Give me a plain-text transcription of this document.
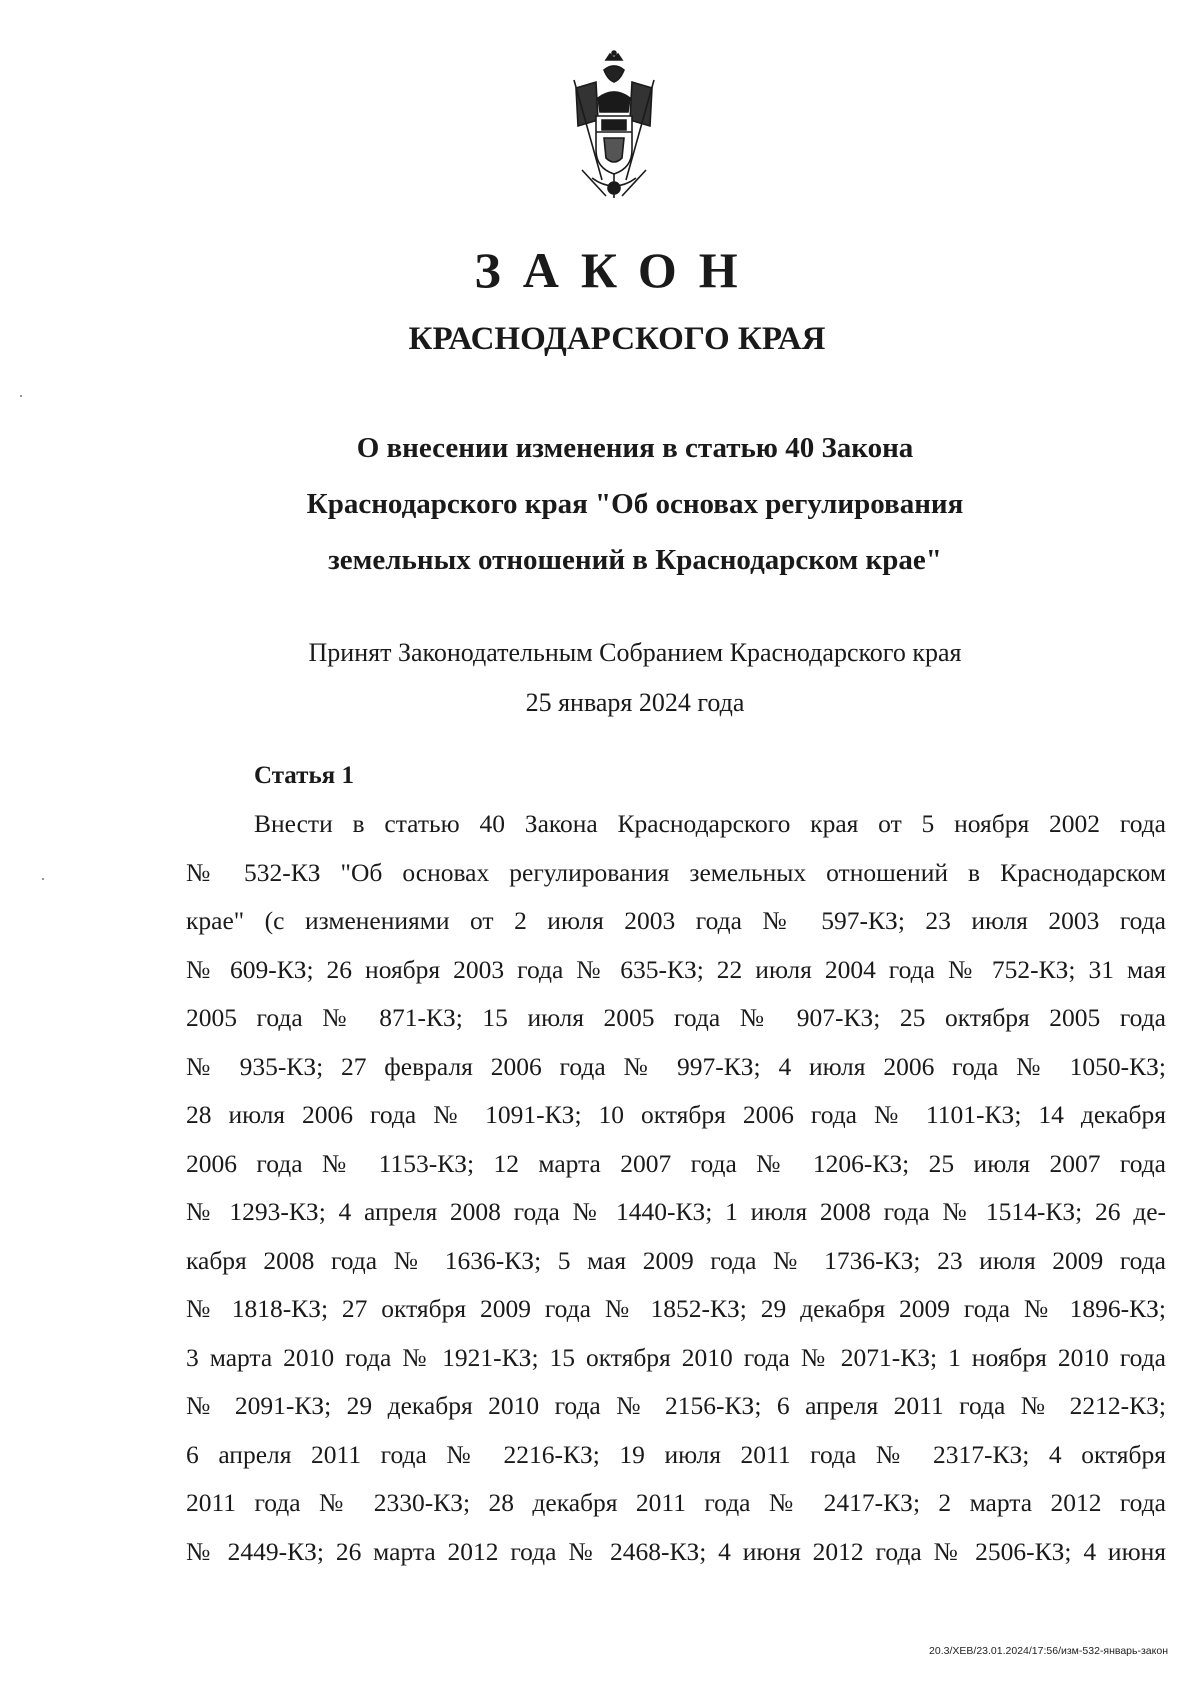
ЗАКОН
КРАСНОДАРСКОГО КРАЯ
О внесении изменения в статью 40 Закона
Краснодарского края "Об основах регулирования
земельных отношений в Краснодарском крае"
Принят Законодательным Собранием Краснодарского края
25 января 2024 года
Статья 1
Внести в статью 40 Закона Краснодарского края от 5 ноября 2002 года
№ 532-КЗ "Об основах регулирования земельных отношений в Краснодарском
крае" (с изменениями от 2 июля 2003 года № 597-КЗ; 23 июля 2003 года
№ 609-КЗ; 26 ноября 2003 года № 635-КЗ; 22 июля 2004 года № 752-КЗ; 31 мая
2005 года № 871-КЗ; 15 июля 2005 года № 907-КЗ; 25 октября 2005 года
№ 935-КЗ; 27 февраля 2006 года № 997-КЗ; 4 июля 2006 года № 1050-КЗ;
28 июля 2006 года № 1091-КЗ; 10 октября 2006 года № 1101-КЗ; 14 декабря
2006 года № 1153-КЗ; 12 марта 2007 года № 1206-КЗ; 25 июля 2007 года
№ 1293-КЗ; 4 апреля 2008 года № 1440-КЗ; 1 июля 2008 года № 1514-КЗ; 26 де-
кабря 2008 года № 1636-КЗ; 5 мая 2009 года № 1736-КЗ; 23 июля 2009 года
№ 1818-КЗ; 27 октября 2009 года № 1852-КЗ; 29 декабря 2009 года № 1896-КЗ;
3 марта 2010 года № 1921-КЗ; 15 октября 2010 года № 2071-КЗ; 1 ноября 2010 года
№ 2091-КЗ; 29 декабря 2010 года № 2156-КЗ; 6 апреля 2011 года № 2212-КЗ;
6 апреля 2011 года № 2216-КЗ; 19 июля 2011 года № 2317-КЗ; 4 октября
2011 года № 2330-КЗ; 28 декабря 2011 года № 2417-КЗ; 2 марта 2012 года
№ 2449-КЗ; 26 марта 2012 года № 2468-КЗ; 4 июня 2012 года № 2506-КЗ; 4 июня
20.3/ХЕВ/23.01.2024/17:56/изм-532-январь-закон
